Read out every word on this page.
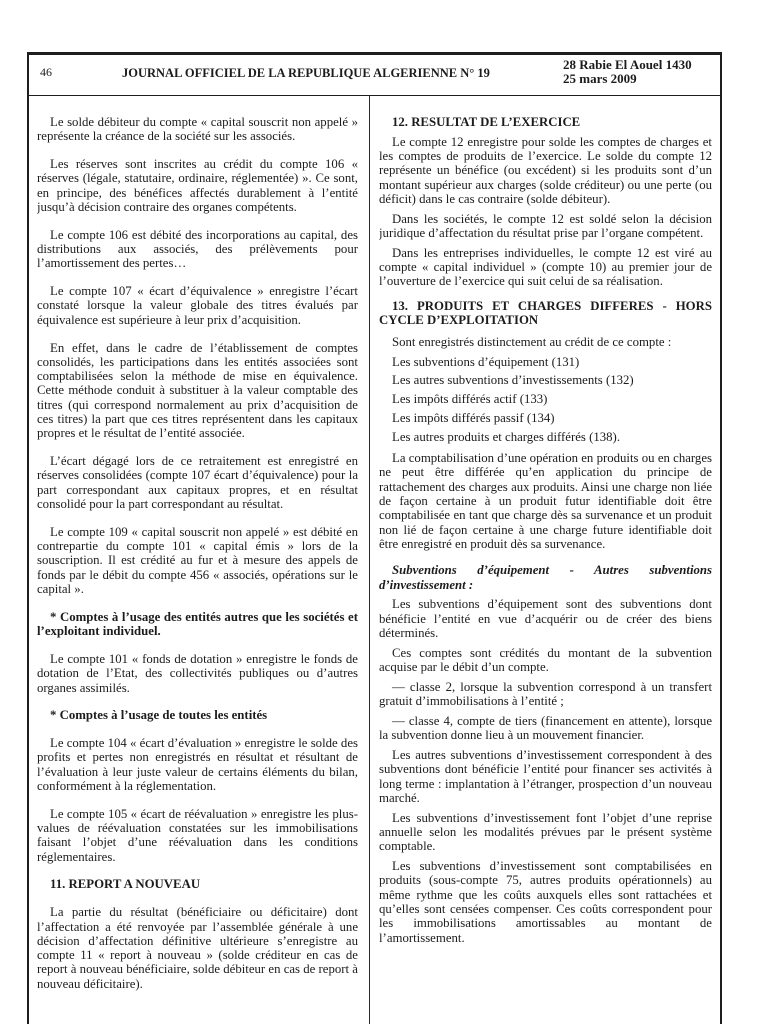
46	JOURNAL OFFICIEL DE LA REPUBLIQUE ALGERIENNE N° 19
28 Rabie El Aouel 1430
25 mars 2009

Le solde débiteur du compte « capital souscrit non appelé » représente la créance de la société sur les associés.

Les réserves sont inscrites au crédit du compte 106 « réserves (légale, statutaire, ordinaire, réglementée) ». Ce sont, en principe, des bénéfices affectés durablement à l’entité jusqu’à décision contraire des organes compétents.

Le compte 106 est débité des incorporations au capital, des distributions aux associés, des prélèvements pour l’amortissement des pertes…

Le compte 107 « écart d’équivalence » enregistre l’écart constaté lorsque la valeur globale des titres évalués par équivalence est supérieure à leur prix d’acquisition.

En effet, dans le cadre de l’établissement de comptes consolidés, les participations dans les entités associées sont comptabilisées selon la méthode de mise en équivalence. Cette méthode conduit à substituer à la valeur comptable des titres (qui correspond normalement au prix d’acquisition de ces titres) la part que ces titres représentent dans les capitaux propres et le résultat de l’entité associée.

L’écart dégagé lors de ce retraitement est enregistré en réserves consolidées (compte 107 écart d’équivalence) pour la part correspondant aux capitaux propres, et en résultat consolidé pour la part correspondant au résultat.

Le compte 109 « capital souscrit non appelé » est débité en contrepartie du compte 101 « capital émis » lors de la souscription. Il est crédité au fur et à mesure des appels de fonds par le débit du compte 456 « associés, opérations sur le capital ».

* Comptes à l’usage des entités autres que les sociétés et l’exploitant individuel.

Le compte 101 « fonds de dotation » enregistre le fonds de dotation de l’Etat, des collectivités publiques ou d’autres organes assimilés.

* Comptes à l’usage de toutes les entités

Le compte 104 « écart d’évaluation » enregistre le solde des profits et pertes non enregistrés en résultat et résultant de l’évaluation à leur juste valeur de certains éléments du bilan, conformément à la réglementation.

Le compte 105 « écart de réévaluation » enregistre les plus-values de réévaluation constatées sur les immobilisations faisant l’objet d’une réévaluation dans les conditions réglementaires.

11. REPORT A NOUVEAU

La partie du résultat (bénéficiaire ou déficitaire) dont l’affectation a été renvoyée par l’assemblée générale à une décision d’affectation définitive ultérieure s’enregistre au compte 11 « report à nouveau » (solde créditeur en cas de report à nouveau bénéficiaire, solde débiteur en cas de report à nouveau déficitaire).

12. RESULTAT DE L’EXERCICE

Le compte 12 enregistre pour solde les comptes de charges et les comptes de produits de l’exercice. Le solde du compte 12 représente un bénéfice (ou excédent) si les produits sont d’un montant supérieur aux charges (solde créditeur) ou une perte (ou déficit) dans le cas contraire (solde débiteur).

Dans les sociétés, le compte 12 est soldé selon la décision juridique d’affectation du résultat prise par l’organe compétent.

Dans les entreprises individuelles, le compte 12 est viré au compte « capital individuel » (compte 10) au premier jour de l’ouverture de l’exercice qui suit celui de sa réalisation.

13. PRODUITS ET CHARGES DIFFERES - HORS CYCLE D’EXPLOITATION

Sont enregistrés distinctement au crédit de ce compte :

Les subventions d’équipement (131)

Les autres subventions d’investissements (132)

Les impôts différés actif (133)

Les impôts différés passif (134)

Les autres produits et charges différés (138).

La comptabilisation d’une opération en produits ou en charges ne peut être différée qu’en application du principe de rattachement des charges aux produits. Ainsi une charge non liée de façon certaine à un produit futur identifiable doit être comptabilisée en tant que charge dès sa survenance et un produit non lié de façon certaine à une charge future identifiable doit être enregistré en produit dès sa survenance.

Subventions d’équipement - Autres subventions d’investissement :

Les subventions d’équipement sont des subventions dont bénéficie l’entité en vue d’acquérir ou de créer des biens déterminés.

Ces comptes sont crédités du montant de la subvention acquise par le débit d’un compte.

— classe 2, lorsque la subvention correspond à un transfert gratuit d’immobilisations à l’entité ;

— classe 4, compte de tiers (financement en attente), lorsque la subvention donne lieu à un mouvement financier.

Les autres subventions d’investissement correspondent à des subventions dont bénéficie l’entité pour financer ses activités à long terme : implantation à l’étranger, prospection d’un nouveau marché.

Les subventions d’investissement font l’objet d’une reprise annuelle selon les modalités prévues par le présent système comptable.

Les subventions d’investissement sont comptabilisées en produits (sous-compte 75, autres produits opérationnels) au même rythme que les coûts auxquels elles sont rattachées et qu’elles sont censées compenser. Ces coûts correspondent pour les immobilisations amortissables au montant de l’amortissement.
